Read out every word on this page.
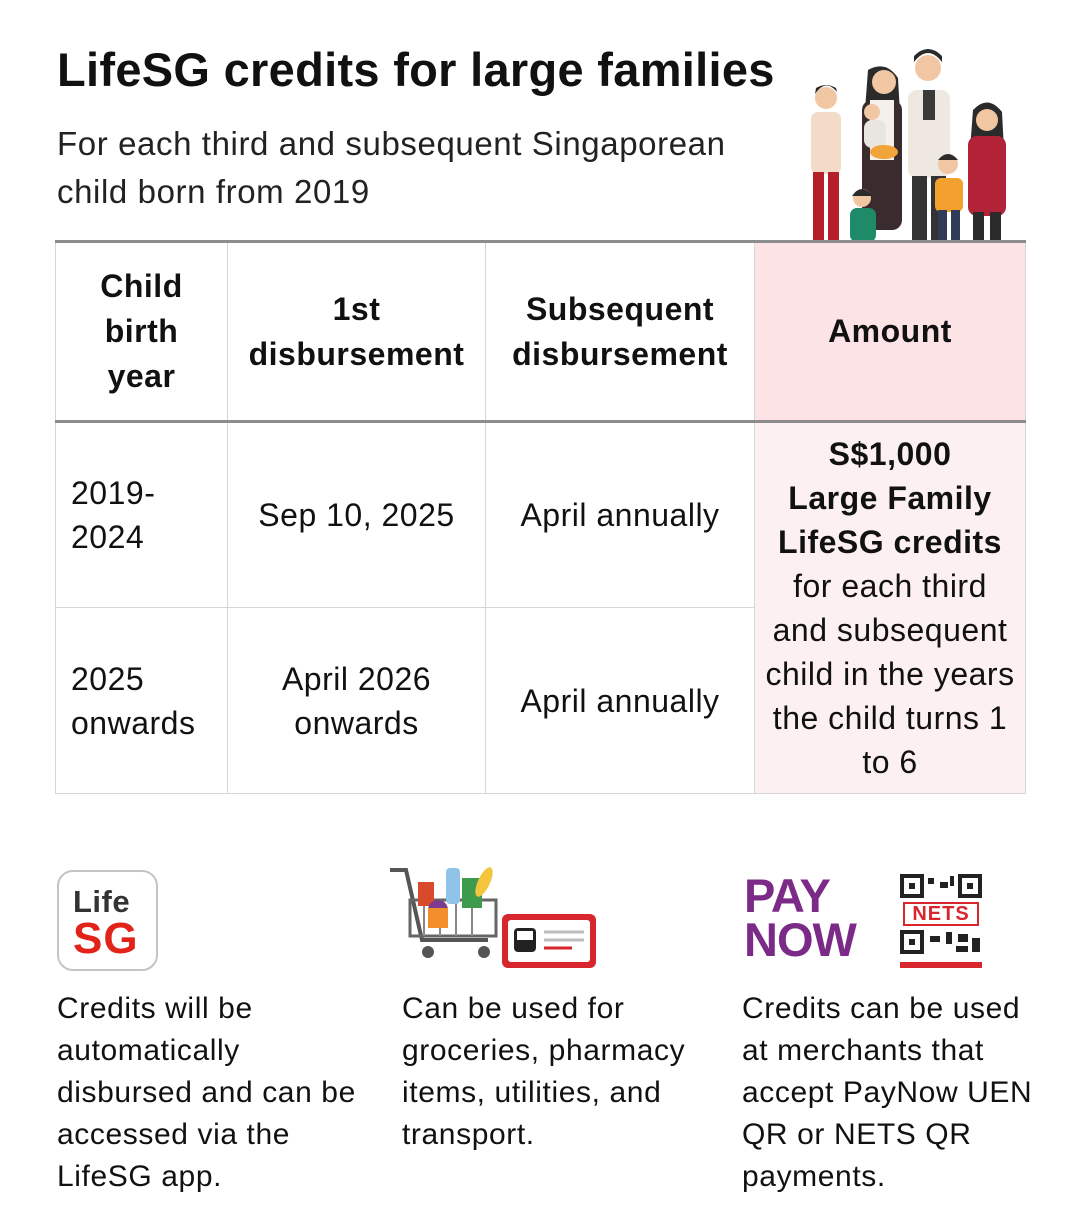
LifeSG credits for large families

For each third and subsequent Singaporean child born from 2019

Child birth year	1st disbursement	Subsequent disbursement	Amount
2019-2024	Sep 10, 2025	April annually	S$1,000
Large Family LifeSG credits
for each third and subsequent child in the years the child turns 1 to 6

2025 onwards	April 2026 onwards	April annually	
Life
SG

Credits will be automatically disbursed and can be accessed via the LifeSG app.

Can be used for groceries, pharmacy items, utilities, and transport.

PAY
NOW	NETS

Credits can be used at merchants that accept PayNow UEN QR or NETS QR payments.
